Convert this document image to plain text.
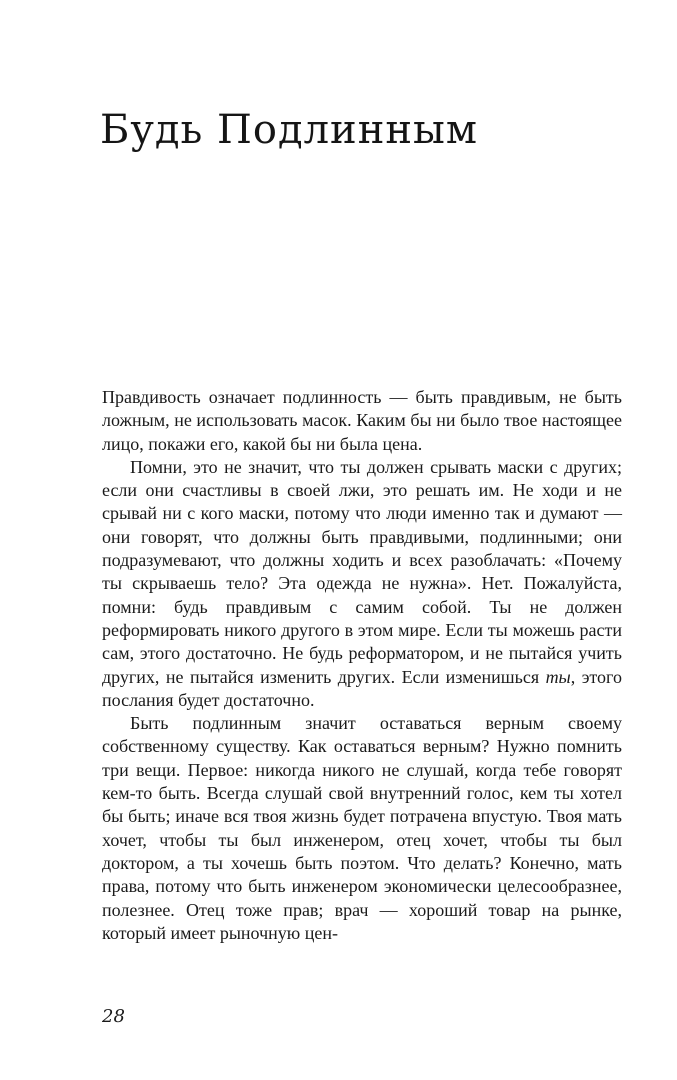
Будь Подлинным

Правдивость означает подлинность — быть правдивым, не быть ложным, не использовать масок. Каким бы ни было твое настоящее лицо, покажи его, какой бы ни была цена.

Помни, это не значит, что ты должен срывать маски с других; если они счастливы в своей лжи, это решать им. Не ходи и не срывай ни с кого маски, потому что люди именно так и думают — они говорят, что должны быть правдивыми, подлинными; они подразумевают, что должны ходить и всех разоблачать: «Почему ты скрываешь тело? Эта одежда не нужна». Нет. Пожалуйста, помни: будь правдивым с самим собой. Ты не должен реформировать никого другого в этом мире. Если ты можешь расти сам, этого достаточно. Не будь реформатором, и не пытайся учить других, не пытайся изменить других. Если изменишься ты, этого послания будет достаточно.

Быть подлинным значит оставаться верным своему собственному существу. Как оставаться верным? Нужно помнить три вещи. Первое: никогда никого не слушай, когда тебе говорят кем-то быть. Всегда слушай свой внутренний голос, кем ты хотел бы быть; иначе вся твоя жизнь будет потрачена впустую. Твоя мать хочет, чтобы ты был инженером, отец хочет, чтобы ты был доктором, а ты хочешь быть поэтом. Что делать? Конечно, мать права, потому что быть инженером экономически целесообразнее, полезнее. Отец тоже прав; врач — хороший товар на рынке, который имеет рыночную цен-

28
